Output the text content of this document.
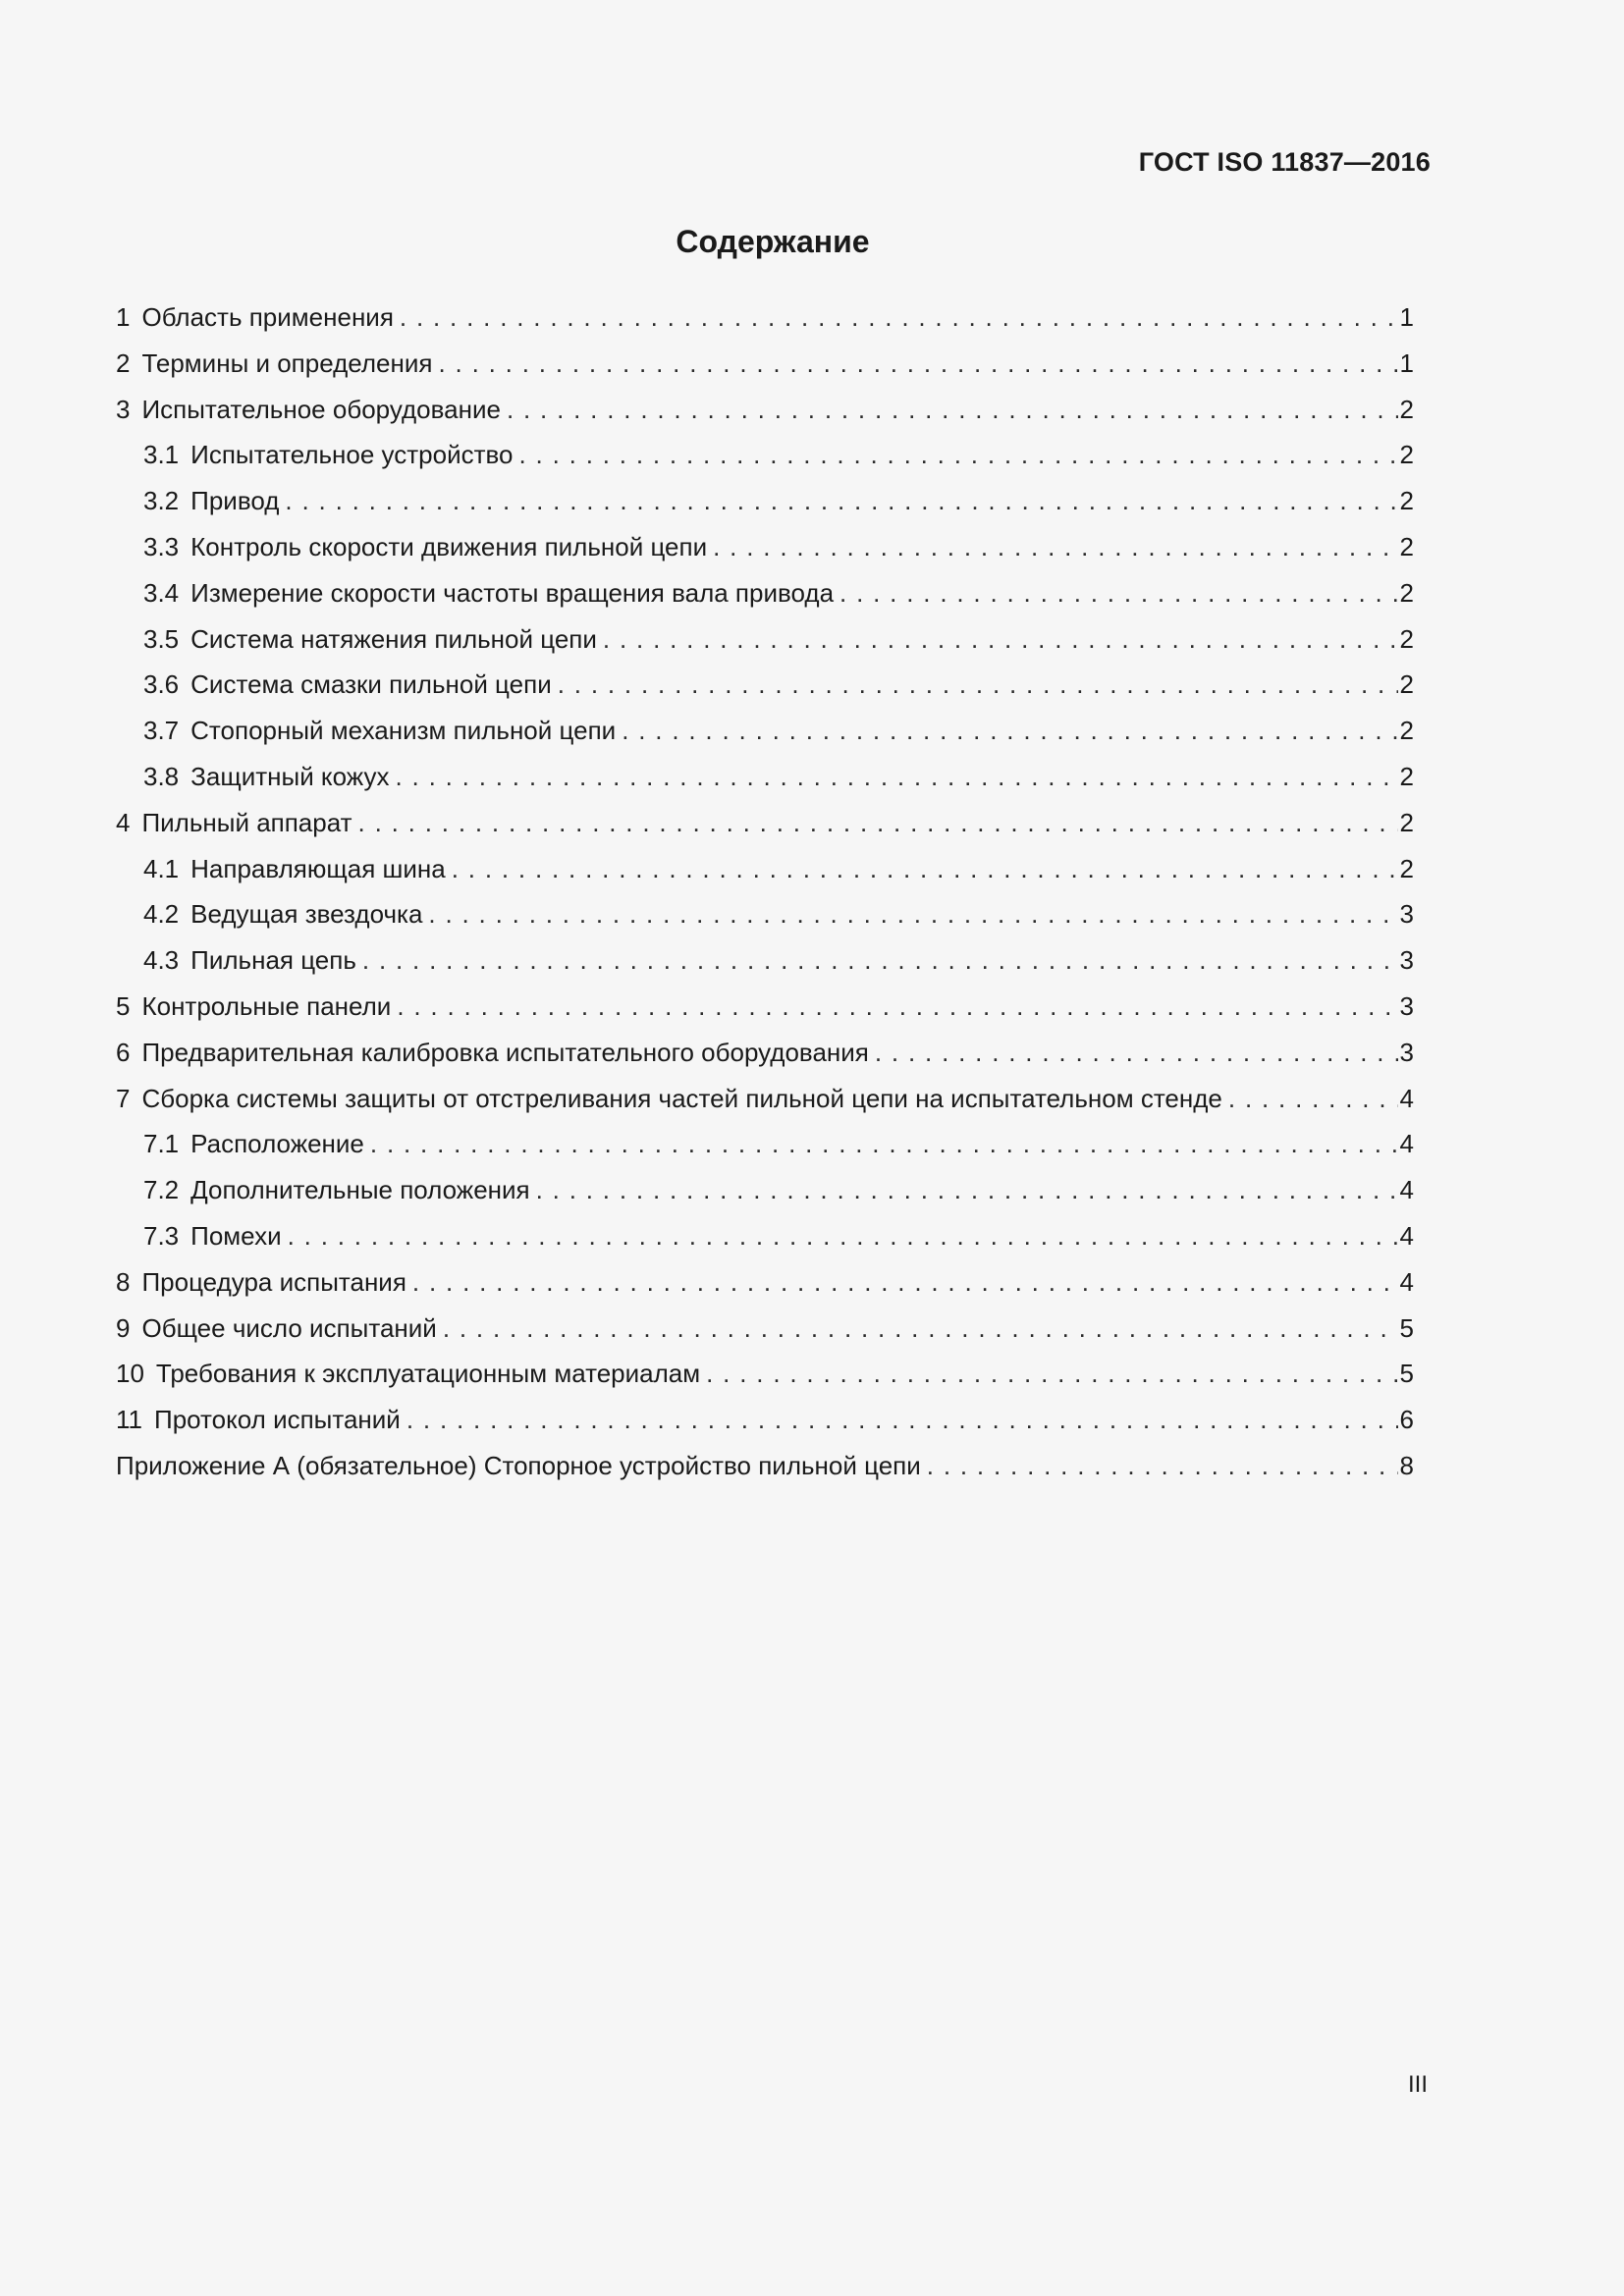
ГОСТ ISO 11837—2016
Содержание
1 Область применения . . .	1
2 Термины и определения . . .	1
3 Испытательное оборудование . . .	2
3.1 Испытательное устройство . . .	2
3.2 Привод . . .	2
3.3 Контроль скорости движения пильной цепи . . .	2
3.4 Измерение скорости частоты вращения вала привода . . .	2
3.5 Система натяжения пильной цепи . . .	2
3.6 Система смазки пильной цепи . . .	2
3.7 Стопорный механизм пильной цепи . . .	2
3.8 Защитный кожух . . .	2
4 Пильный аппарат . . .	2
4.1 Направляющая шина . . .	2
4.2 Ведущая звездочка . . .	3
4.3 Пильная цепь . . .	3
5 Контрольные панели . . .	3
6 Предварительная калибровка испытательного оборудования . . .	3
7 Сборка системы защиты от отстреливания частей пильной цепи на испытательном стенде . . .	4
7.1 Расположение . . .	4
7.2 Дополнительные положения . . .	4
7.3 Помехи . . .	4
8 Процедура испытания . . .	4
9 Общее число испытаний . . .	5
10 Требования к эксплуатационным материалам . . .	5
11 Протокол испытаний . . .	6
Приложение А (обязательное) Стопорное устройство пильной цепи . . .	8
III
